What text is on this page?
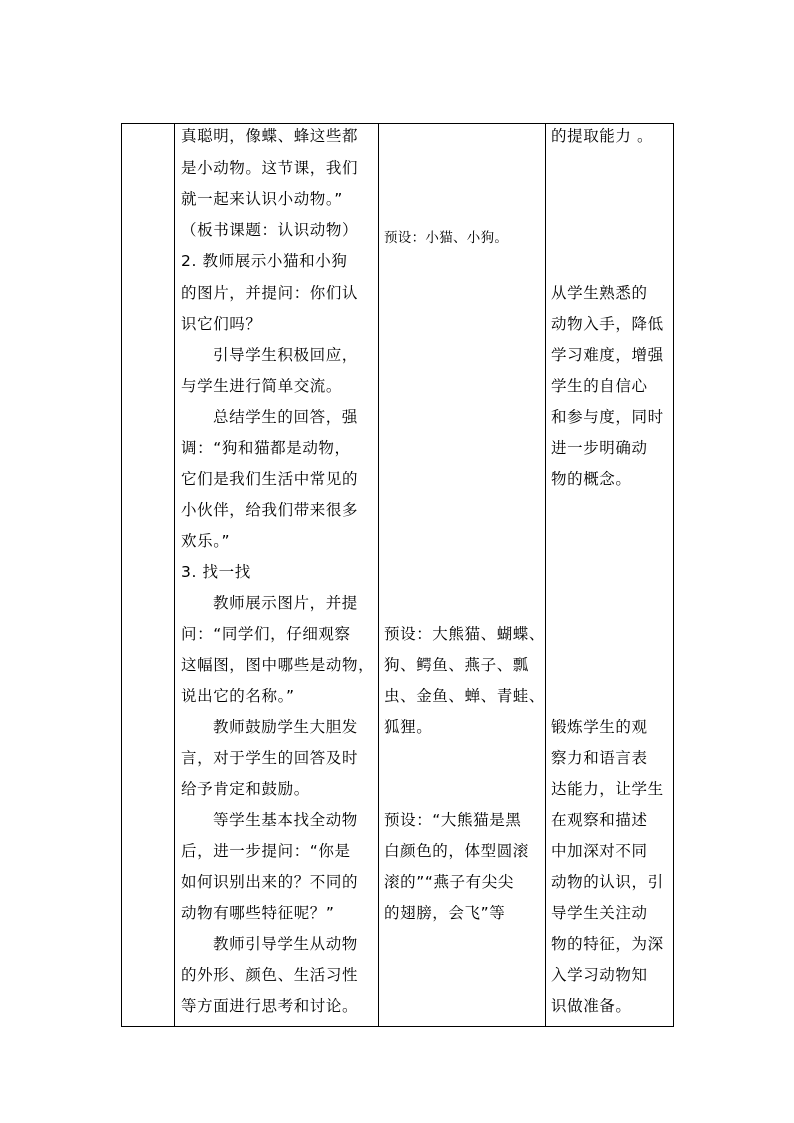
真聪明，像蝶、蜂这些都
是小动物。这节课，我们
就一起来认识小动物。”
（板书课题：认识动物）
2. 教师展示小猫和小狗
的图片，并提问：你们认
识它们吗？
引导学生积极回应，
与学生进行简单交流。
总结学生的回答，强
调：“狗和猫都是动物，
它们是我们生活中常见的
小伙伴，给我们带来很多
欢乐。”
3. 找一找
教师展示图片，并提
问：“同学们，仔细观察
这幅图，图中哪些是动物，
说出它的名称。”
教师鼓励学生大胆发
言，对于学生的回答及时
给予肯定和鼓励。
等学生基本找全动物
后，进一步提问：“你是
如何识别出来的？不同的
动物有哪些特征呢？”
教师引导学生从动物
的外形、颜色、生活习性
等方面进行思考和讨论。
预设：小猫、小狗。
预设：大熊猫、蝴蝶、
狗、鳄鱼、燕子、瓢
虫、金鱼、蝉、青蛙、
狐狸。
预设：“大熊猫是黑
白颜色的，体型圆滚
滚的”“燕子有尖尖
的翅膀，会飞”等
的提取能力 。
从学生熟悉的
动物入手，降低
学习难度，增强
学生的自信心
和参与度，同时
进一步明确动
物的概念。
锻炼学生的观
察力和语言表
达能力，让学生
在观察和描述
中加深对不同
动物的认识，引
导学生关注动
物的特征，为深
入学习动物知
识做准备。
